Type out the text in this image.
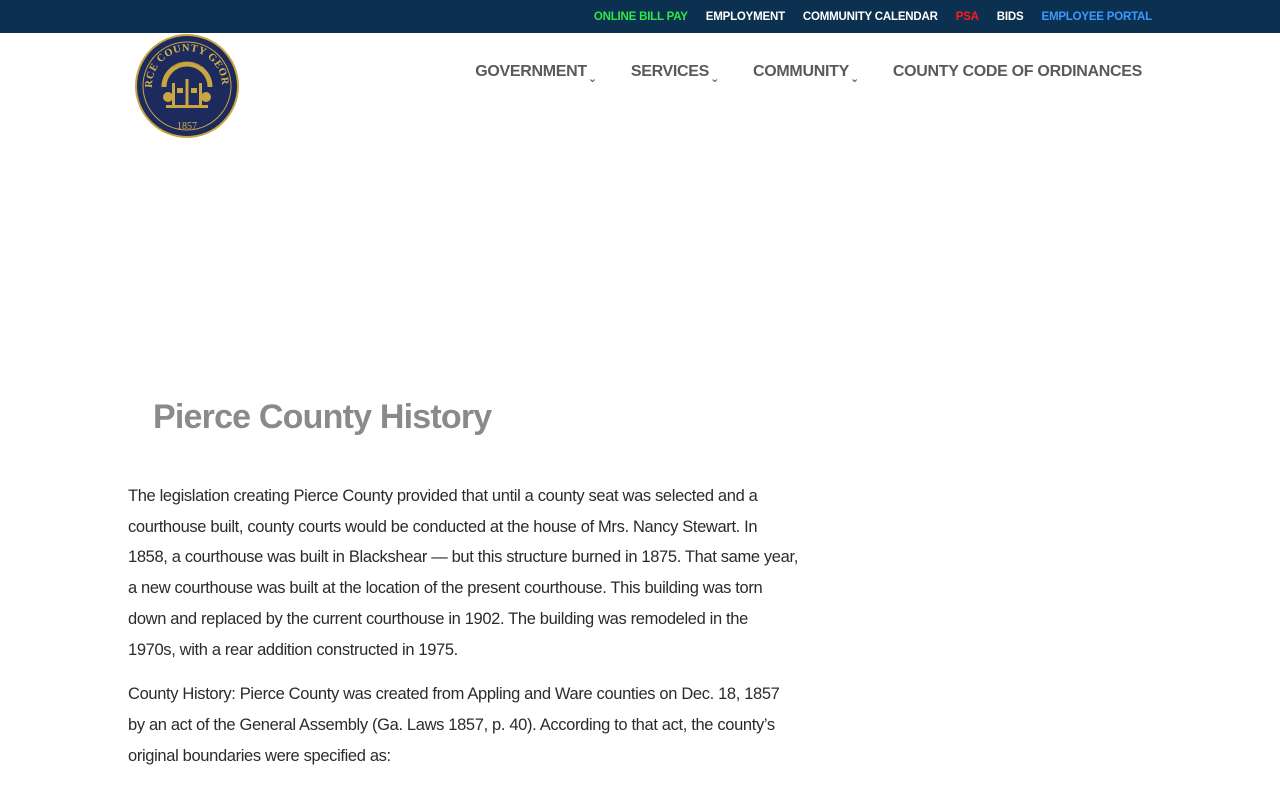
ONLINE BILL PAY EMPLOYMENT COMMUNITY CALENDAR PSA BIDS EMPLOYEE PORTAL
RCE COUNTY GEOR
CONSTITUTION
1857
GOVERNMENT ⌄ SERVICES ⌄ COMMUNITY ⌄ COUNTY CODE OF ORDINANCES
Pierce County History

The legislation creating Pierce County provided that until a county seat was selected and a courthouse built, county courts would be conducted at the house of Mrs. Nancy Stewart. In 1858, a courthouse was built in Blackshear — but this structure burned in 1875. That same year, a new courthouse was built at the location of the present courthouse. This building was torn down and replaced by the current courthouse in 1902. The building was remodeled in the 1970s, with a rear addition constructed in 1975.

County History: Pierce County was created from Appling and Ware counties on Dec. 18, 1857 by an act of the General Assembly (Ga. Laws 1857, p. 40). According to that act, the county’s original boundaries were specified as:
